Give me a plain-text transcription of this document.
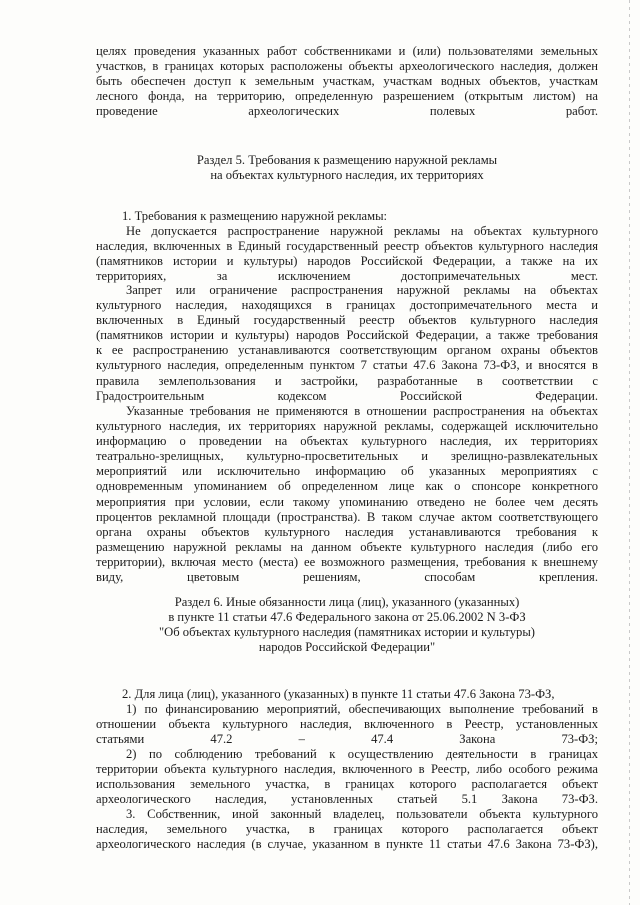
целях проведения указанных работ собственниками и (или) пользователями земельных
участков, в границах которых расположены объекты археологического наследия, должен
быть обеспечен доступ к земельным участкам, участкам водных объектов, участкам
лесного фонда, на территорию, определенную разрешением (открытым листом) на
проведение археологических полевых работ.
Раздел 5. Требования к размещению наружной рекламы
на объектах культурного наследия, их территориях
1. Требования к размещению наружной рекламы:
Не допускается распространение наружной рекламы на объектах культурного
наследия, включенных в Единый государственный реестр объектов культурного наследия
(памятников истории и культуры) народов Российской Федерации, а также на их
территориях, за исключением достопримечательных мест.
Запрет или ограничение распространения наружной рекламы на объектах
культурного наследия, находящихся в границах достопримечательного места и
включенных в Единый государственный реестр объектов культурного наследия
(памятников истории и культуры) народов Российской Федерации, а также требования
к ее распространению устанавливаются соответствующим органом охраны объектов
культурного наследия, определенным пунктом 7 статьи 47.6 Закона 73-ФЗ, и вносятся в
правила землепользования и застройки, разработанные в соответствии с
Градостроительным кодексом Российской Федерации.
Указанные требования не применяются в отношении распространения на объектах
культурного наследия, их территориях наружной рекламы, содержащей исключительно
информацию о проведении на объектах культурного наследия, их территориях
театрально-зрелищных, культурно-просветительных и зрелищно-развлекательных
мероприятий или исключительно информацию об указанных мероприятиях с
одновременным упоминанием об определенном лице как о спонсоре конкретного
мероприятия при условии, если такому упоминанию отведено не более чем десять
процентов рекламной площади (пространства). В таком случае актом соответствующего
органа охраны объектов культурного наследия устанавливаются требования к
размещению наружной рекламы на данном объекте культурного наследия (либо его
территории), включая место (места) ее возможного размещения, требования к внешнему
виду, цветовым решениям, способам крепления.
Раздел 6. Иные обязанности лица (лиц), указанного (указанных)
в пункте 11 статьи 47.6 Федерального закона от 25.06.2002 N 3-ФЗ
"Об объектах культурного наследия (памятниках истории и культуры)
народов Российской Федерации"
2. Для лица (лиц), указанного (указанных) в пункте 11 статьи 47.6 Закона 73-ФЗ,
1) по финансированию мероприятий, обеспечивающих выполнение требований в
отношении объекта культурного наследия, включенного в Реестр, установленных
статьями 47.2 – 47.4 Закона 73-ФЗ;
2) по соблюдению требований к осуществлению деятельности в границах
территории объекта культурного наследия, включенного в Реестр, либо особого режима
использования земельного участка, в границах которого располагается объект
археологического наследия, установленных статьей 5.1 Закона 73-ФЗ.
3. Собственник, иной законный владелец, пользователи объекта культурного
наследия, земельного участка, в границах которого располагается объект
археологического наследия (в случае, указанном в пункте 11 статьи 47.6 Закона 73-ФЗ),
